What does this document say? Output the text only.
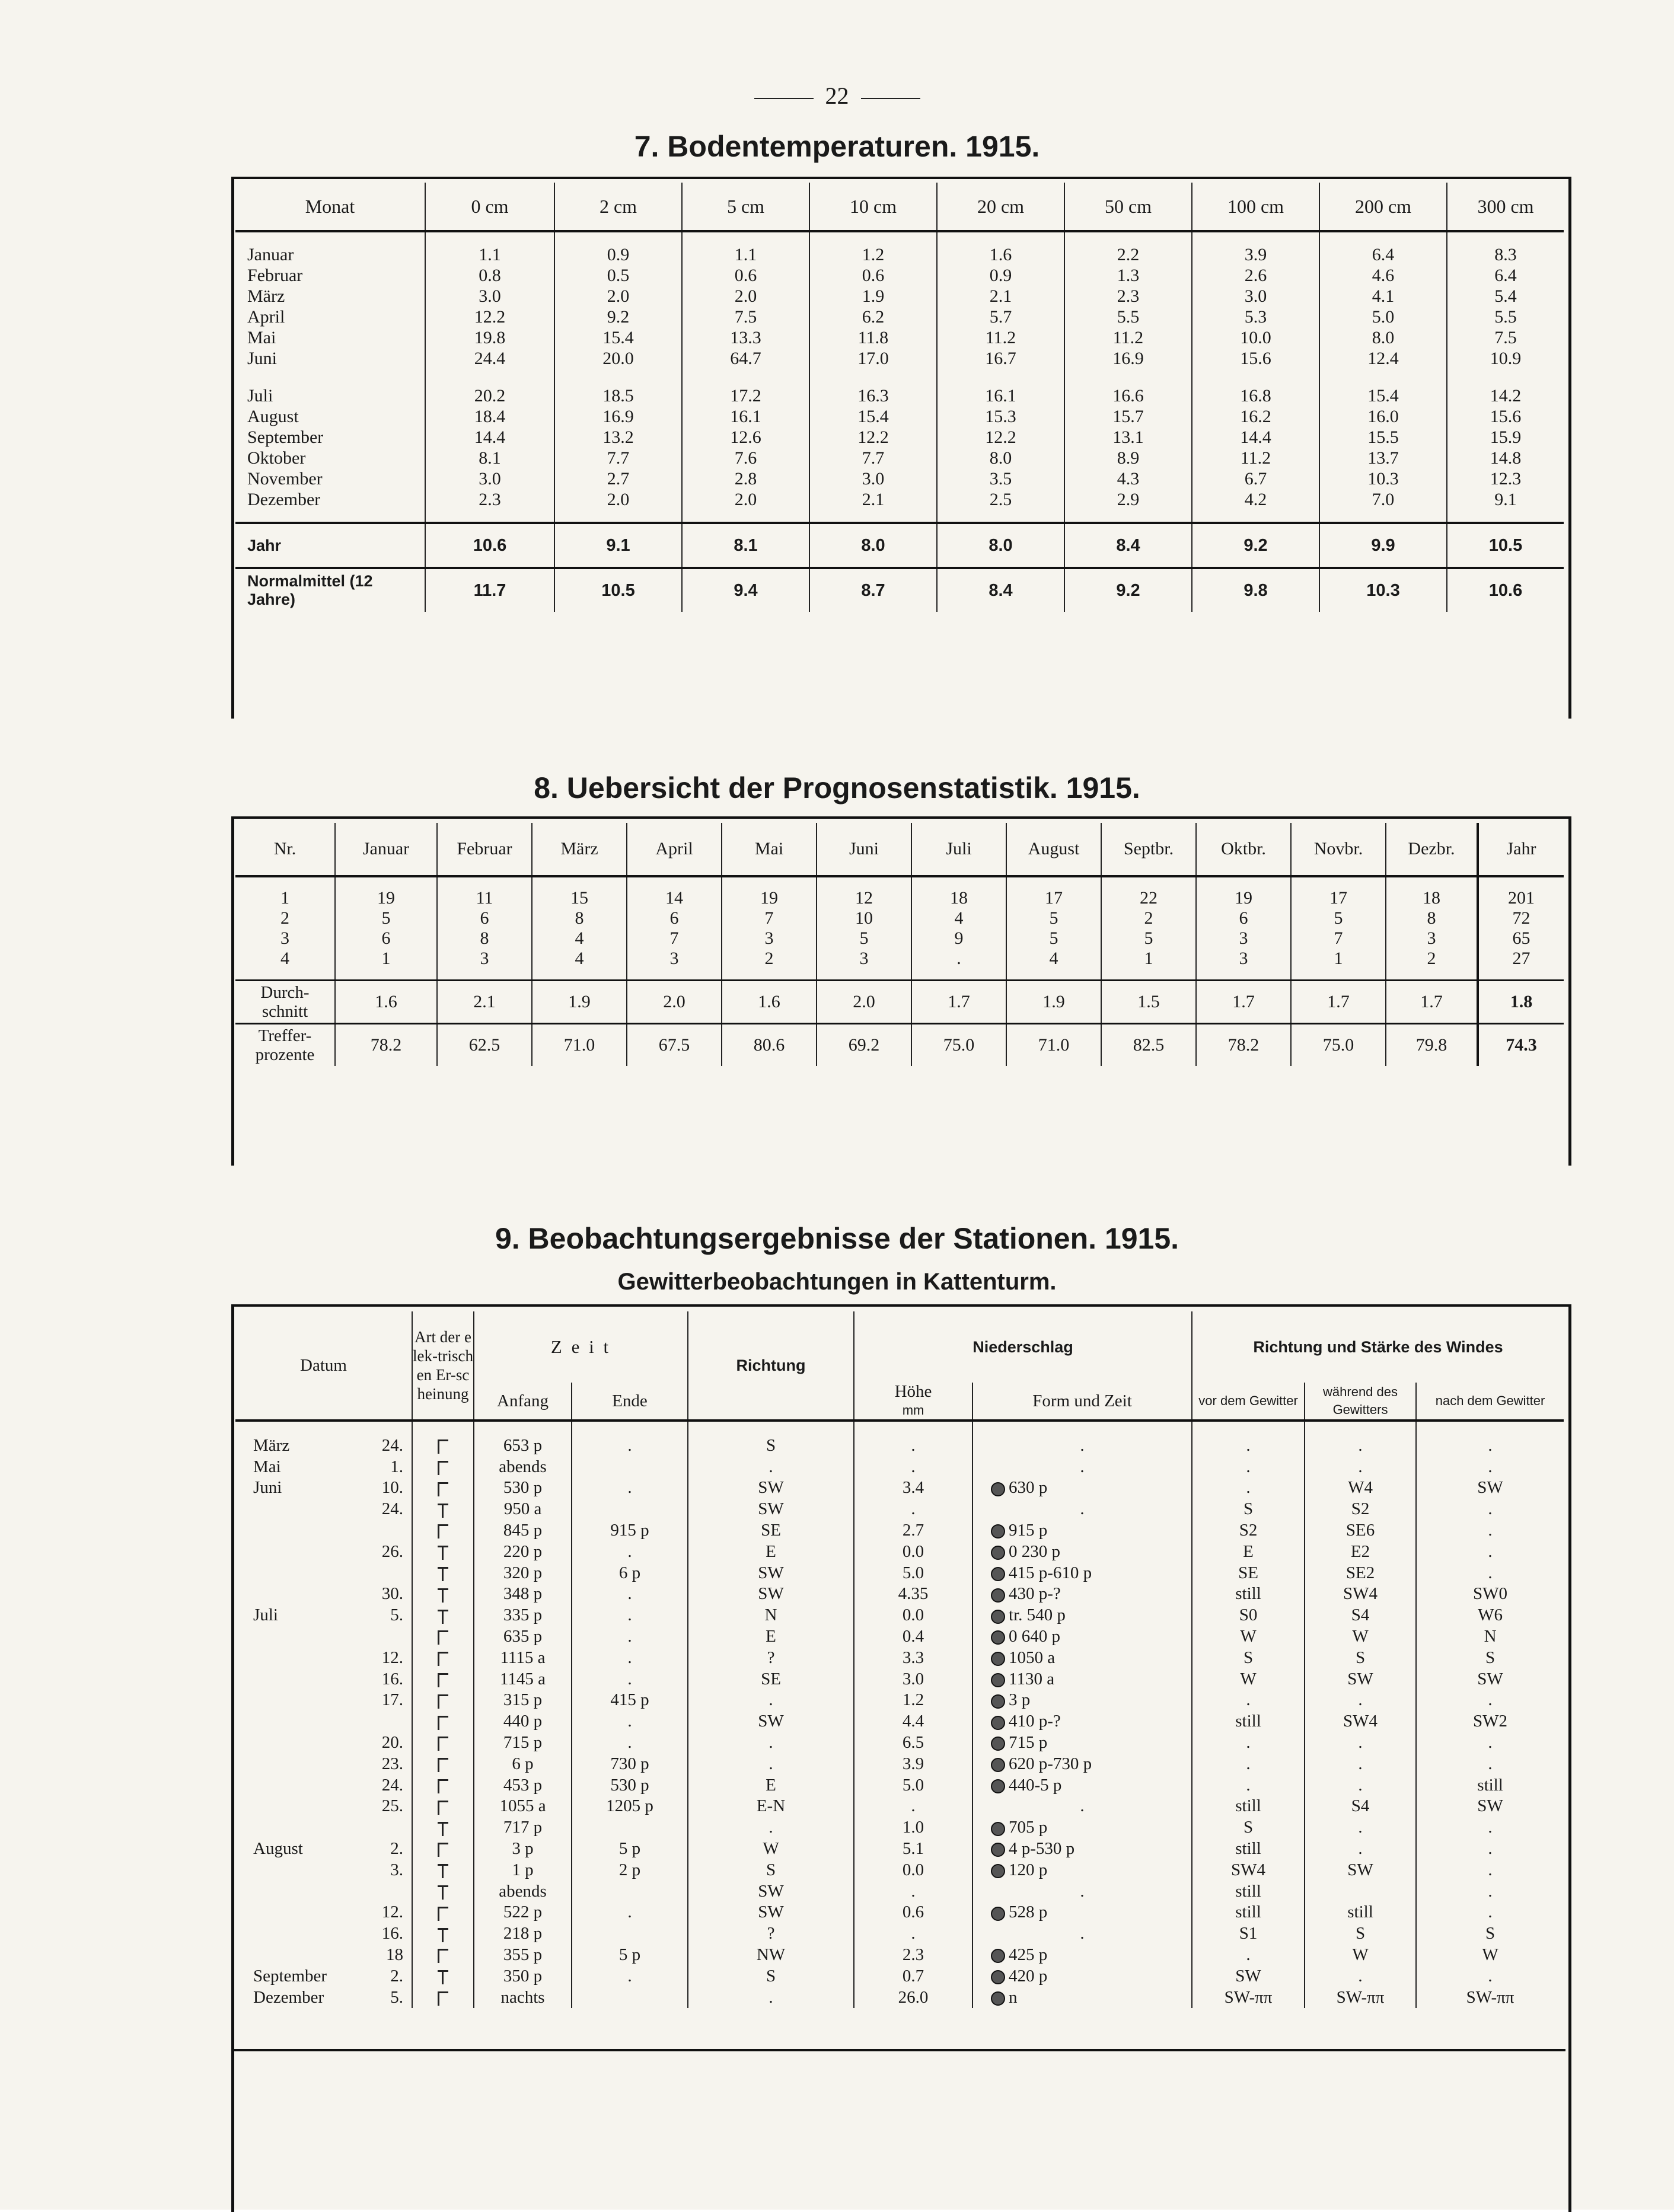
22
7. Bodentemperaturen. 1915.
Monat	0 cm	2 cm	5 cm	10 cm	20 cm	50 cm	100 cm	200 cm	300 cm

Januar	1.1	0.9	1.1	1.2	1.6	2.2	3.9	6.4	8.3
Februar	0.8	0.5	0.6	0.6	0.9	1.3	2.6	4.6	6.4
März	3.0	2.0	2.0	1.9	2.1	2.3	3.0	4.1	5.4
April	12.2	9.2	7.5	6.2	5.7	5.5	5.3	5.0	5.5
Mai	19.8	15.4	13.3	11.8	11.2	11.2	10.0	8.0	7.5
Juni	24.4	20.0	64.7	17.0	16.7	16.9	15.6	12.4	10.9

Juli	20.2	18.5	17.2	16.3	16.1	16.6	16.8	15.4	14.2
August	18.4	16.9	16.1	15.4	15.3	15.7	16.2	16.0	15.6
September	14.4	13.2	12.6	12.2	12.2	13.1	14.4	15.5	15.9
Oktober	8.1	7.7	7.6	7.7	8.0	8.9	11.2	13.7	14.8
November	3.0	2.7	2.8	3.0	3.5	4.3	6.7	10.3	12.3
Dezember	2.3	2.0	2.0	2.1	2.5	2.9	4.2	7.0	9.1

Jahr	10.6	9.1	8.1	8.0	8.0	8.4	9.2	9.9	10.5
Normalmittel (12 Jahre)	11.7	10.5	9.4	8.7	8.4	9.2	9.8	10.3	10.6
8. Uebersicht der Prognosenstatistik. 1915.
Nr.	Januar	Februar	März	April	Mai	Juni	Juli	August	Septbr.	Oktbr.	Novbr.	Dezbr.	Jahr

1	19	11	15	14	19	12	18	17	22	19	17	18	201
2	5	6	8	6	7	10	4	5	2	6	5	8	72
3	6	8	4	7	3	5	9	5	5	3	7	3	65
4	1	3	4	3	2	3	.	4	1	3	1	2	27

Durch-
schnitt	1.6	2.1	1.9	2.0	1.6	2.0	1.7	1.9	1.5	1.7	1.7	1.7	1.8
Treffer-
prozente	78.2	62.5	71.0	67.5	80.6	69.2	75.0	71.0	82.5	78.2	75.0	79.8	74.3
9. Beobachtungsergebnisse der Stationen. 1915.
Gewitterbeobachtungen in Kattenturm.
Datum		Art der elek-trischen Er-scheinung	Z e i t		Richtung	Niederschlag		Richtung und Stärke des Windes		
			Anfang	Ende		Höhe
mm	Form und Zeit	vor dem Gewitter	während des Gewitters	nach dem Gewitter

März	24.		653 p	.	S	.	.	.	.	.
Mai	1.		abends		.	.	.	.	.	.
Juni	10.		530 p	.	SW	3.4	630 p	.	W4	SW
	24.		950 a		SW	.	.	S	S2	.
			845 p	915 p	SE	2.7	915 p	S2	SE6	.
	26.		220 p	.	E	0.0	0 230 p	E	E2	.
			320 p	6 p	SW	5.0	415 p-610 p	SE	SE2	.
	30.		348 p	.	SW	4.35	430 p-?	still	SW4	SW0
Juli	5.		335 p	.	N	0.0	tr. 540 p	S0	S4	W6
			635 p	.	E	0.4	0 640 p	W	W	N
	12.		1115 a	.	?	3.3	1050 a	S	S	S
	16.		1145 a	.	SE	3.0	1130 a	W	SW	SW
	17.		315 p	415 p	.	1.2	3 p	.	.	.
			440 p	.	SW	4.4	410 p-?	still	SW4	SW2
	20.		715 p	.	.	6.5	715 p	.	.	.
	23.		6 p	730 p	.	3.9	620 p-730 p	.	.	.
	24.		453 p	530 p	E	5.0	440-5 p	.	.	still
	25.		1055 a	1205 p	E-N	.	.	still	S4	SW
			717 p		.	1.0	705 p	S	.	.
August	2.		3 p	5 p	W	5.1	4 p-530 p	still	.	.
	3.		1 p	2 p	S	0.0	120 p	SW4	SW	.
			abends		SW	.	.	still		.
	12.		522 p	.	SW	0.6	528 p	still	still	.
	16.		218 p		?	.	.	S1	S	S
	18		355 p	5 p	NW	2.3	425 p	.	W	W
September	2.		350 p	.	S	0.7	420 p	SW	.	.
Dezember	5.		nachts		.	26.0	n	SW-ππ	SW-ππ	SW-ππ
